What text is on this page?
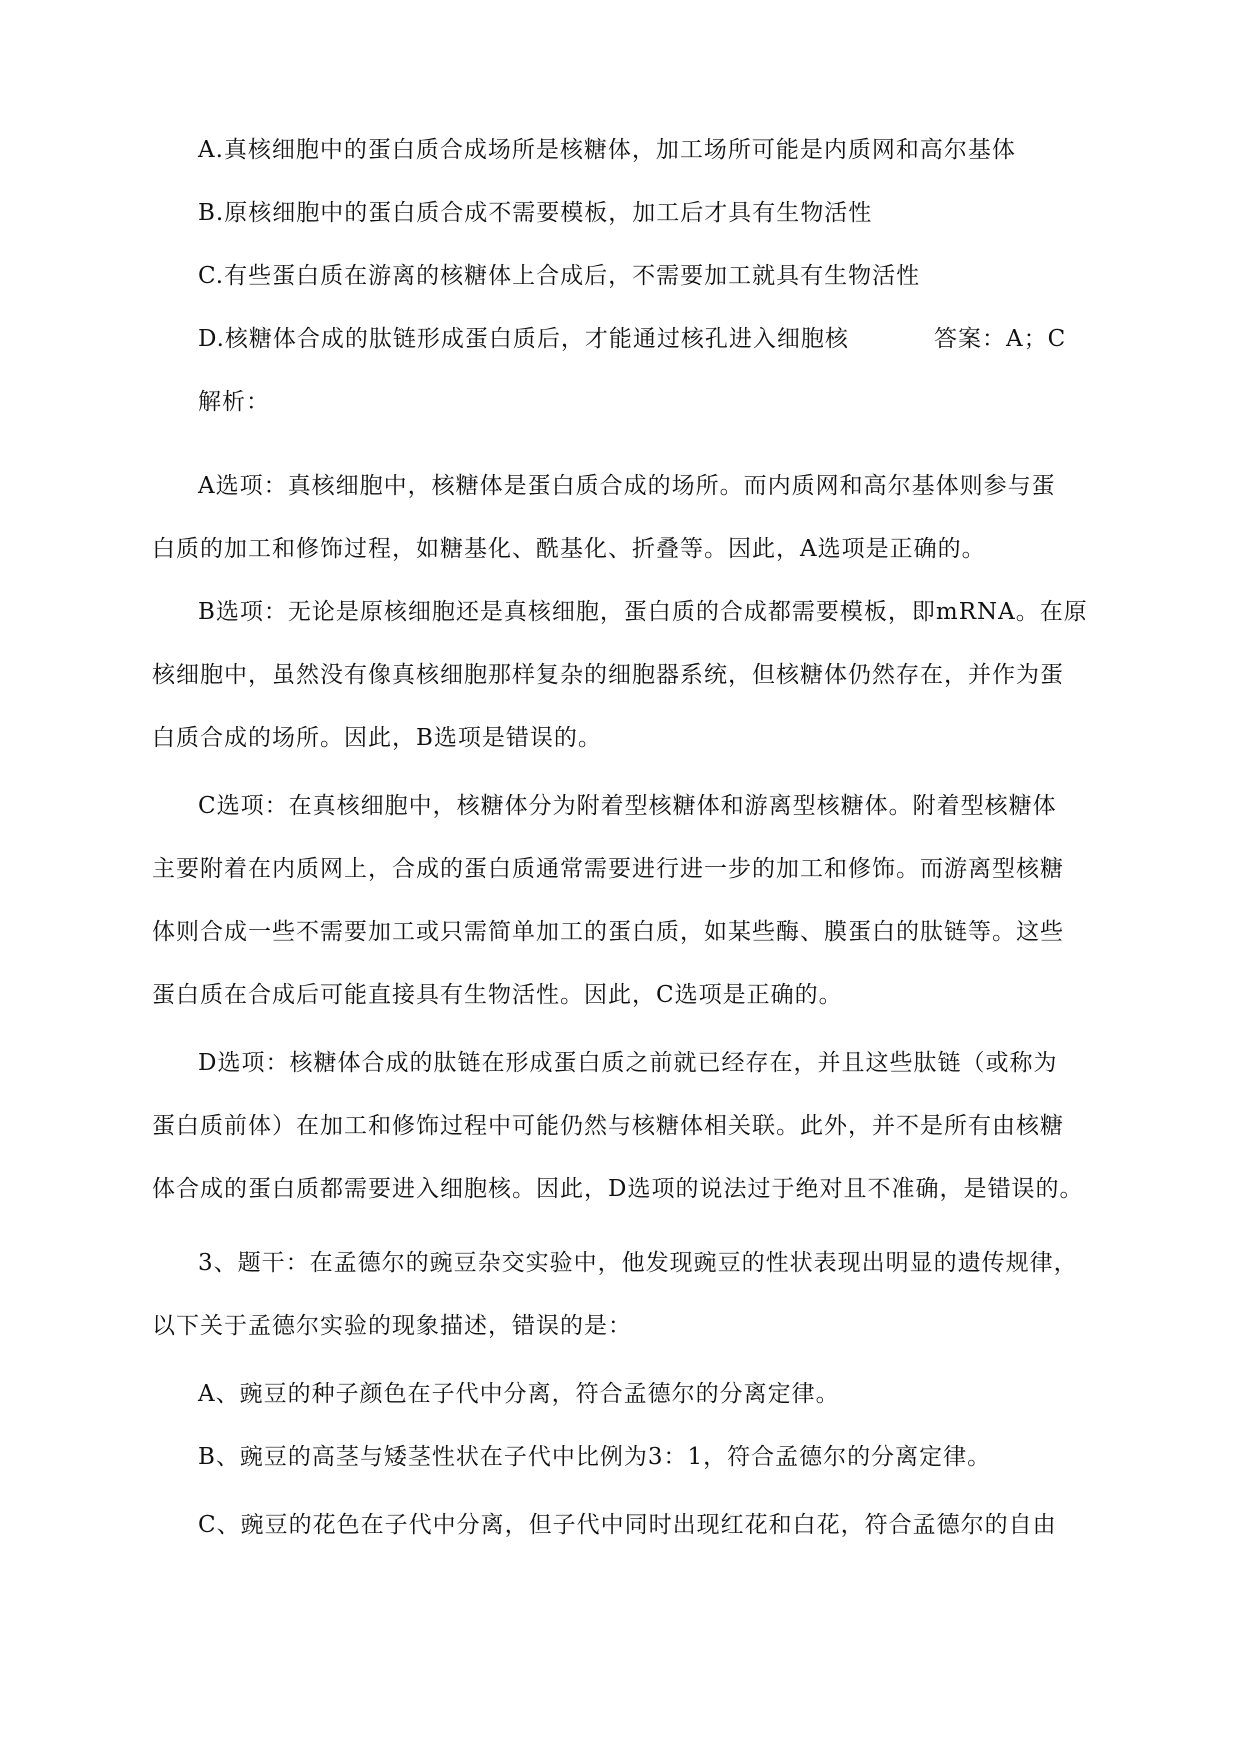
A.真核细胞中的蛋白质合成场所是核糖体，加工场所可能是内质网和高尔基体
B.原核细胞中的蛋白质合成不需要模板，加工后才具有生物活性
C.有些蛋白质在游离的核糖体上合成后，不需要加工就具有生物活性
D.核糖体合成的肽链形成蛋白质后，才能通过核孔进入细胞核	答案：A；C
解析：
A选项：真核细胞中，核糖体是蛋白质合成的场所。而内质网和高尔基体则参与蛋
白质的加工和修饰过程，如糖基化、酰基化、折叠等。因此，A选项是正确的。
B选项：无论是原核细胞还是真核细胞，蛋白质的合成都需要模板，即mRNA。在原
核细胞中，虽然没有像真核细胞那样复杂的细胞器系统，但核糖体仍然存在，并作为蛋
白质合成的场所。因此，B选项是错误的。
C选项：在真核细胞中，核糖体分为附着型核糖体和游离型核糖体。附着型核糖体
主要附着在内质网上，合成的蛋白质通常需要进行进一步的加工和修饰。而游离型核糖
体则合成一些不需要加工或只需简单加工的蛋白质，如某些酶、膜蛋白的肽链等。这些
蛋白质在合成后可能直接具有生物活性。因此，C选项是正确的。
D选项：核糖体合成的肽链在形成蛋白质之前就已经存在，并且这些肽链（或称为
蛋白质前体）在加工和修饰过程中可能仍然与核糖体相关联。此外，并不是所有由核糖
体合成的蛋白质都需要进入细胞核。因此，D选项的说法过于绝对且不准确，是错误的。
3、题干：在孟德尔的豌豆杂交实验中，他发现豌豆的性状表现出明显的遗传规律，
以下关于孟德尔实验的现象描述，错误的是：
A、豌豆的种子颜色在子代中分离，符合孟德尔的分离定律。
B、豌豆的高茎与矮茎性状在子代中比例为3：1，符合孟德尔的分离定律。
C、豌豆的花色在子代中分离，但子代中同时出现红花和白花，符合孟德尔的自由
